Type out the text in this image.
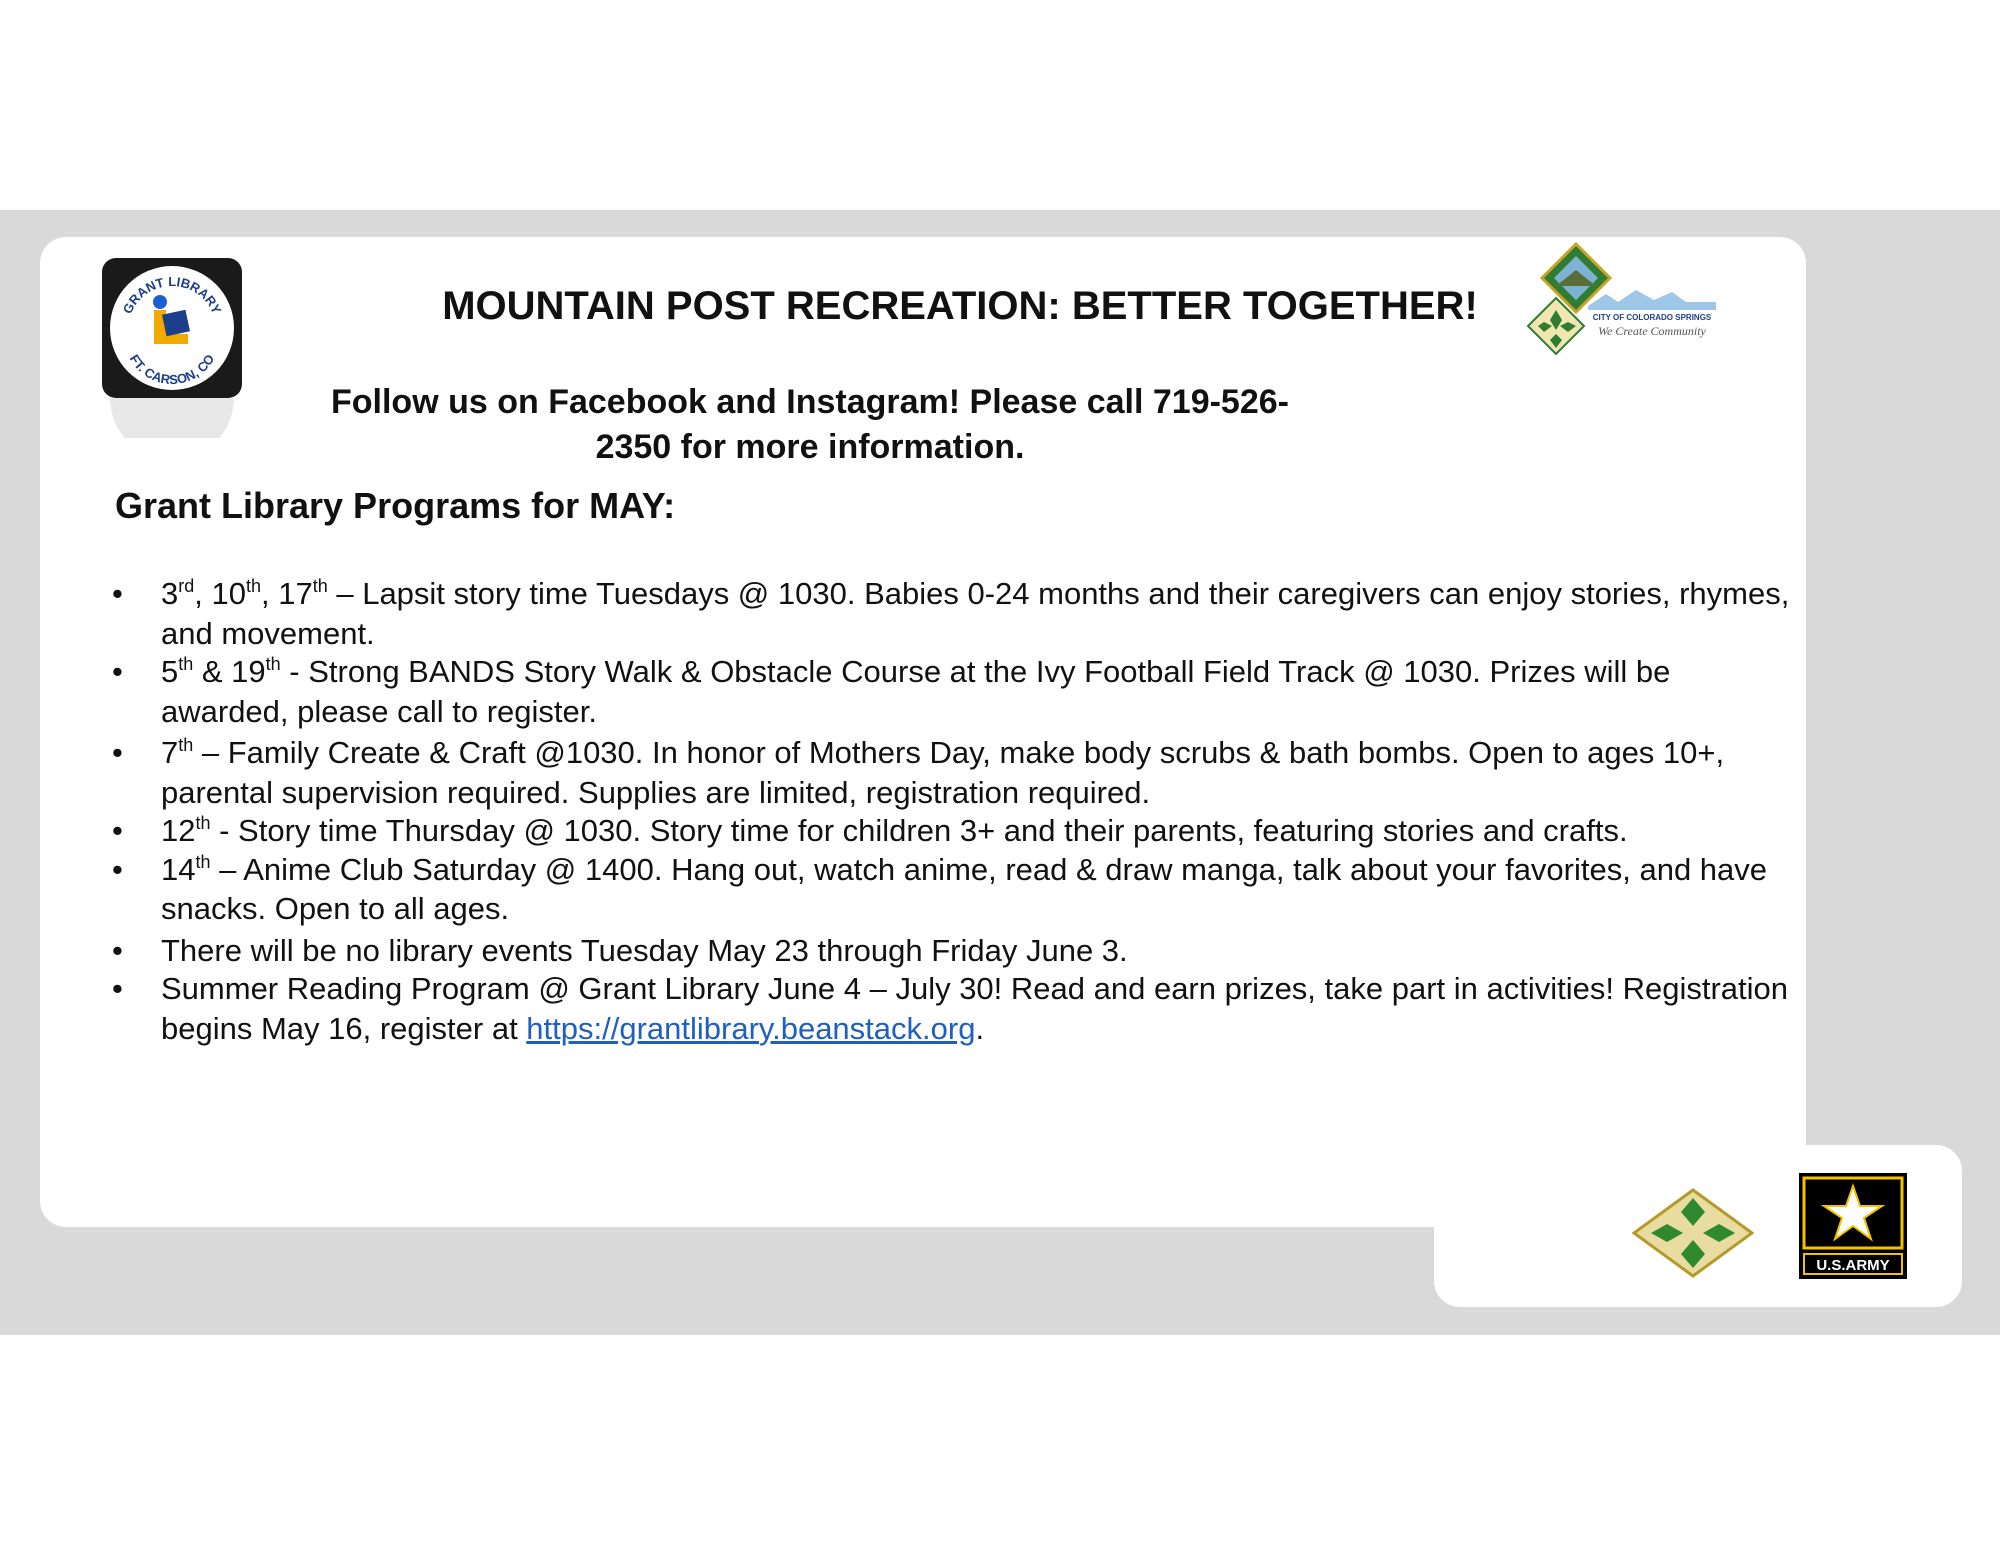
GRANT LIBRARY
FT. CARSON, CO
CITY OF COLORADO SPRINGS
We Create Community
MOUNTAIN POST RECREATION: BETTER TOGETHER!
Follow us on Facebook and Instagram! Please call 719-526-2350 for more information.
Grant Library Programs for MAY:
• 3rd, 10th, 17th – Lapsit story time Tuesdays @ 1030. Babies 0-24 months and their caregivers can enjoy stories, rhymes, and movement.
• 5th & 19th - Strong BANDS Story Walk & Obstacle Course at the Ivy Football Field Track @ 1030. Prizes will be awarded, please call to register.
• 7th – Family Create & Craft @1030. In honor of Mothers Day, make body scrubs & bath bombs. Open to ages 10+, parental supervision required. Supplies are limited, registration required.
• 12th - Story time Thursday @ 1030. Story time for children 3+ and their parents, featuring stories and crafts.
• 14th – Anime Club Saturday @ 1400. Hang out, watch anime, read & draw manga, talk about your favorites, and have snacks. Open to all ages.
• There will be no library events Tuesday May 23 through Friday June 3.
• Summer Reading Program @ Grant Library June 4 – July 30! Read and earn prizes, take part in activities! Registration begins May 16, register at https://grantlibrary.beanstack.org.
U.S.ARMY
